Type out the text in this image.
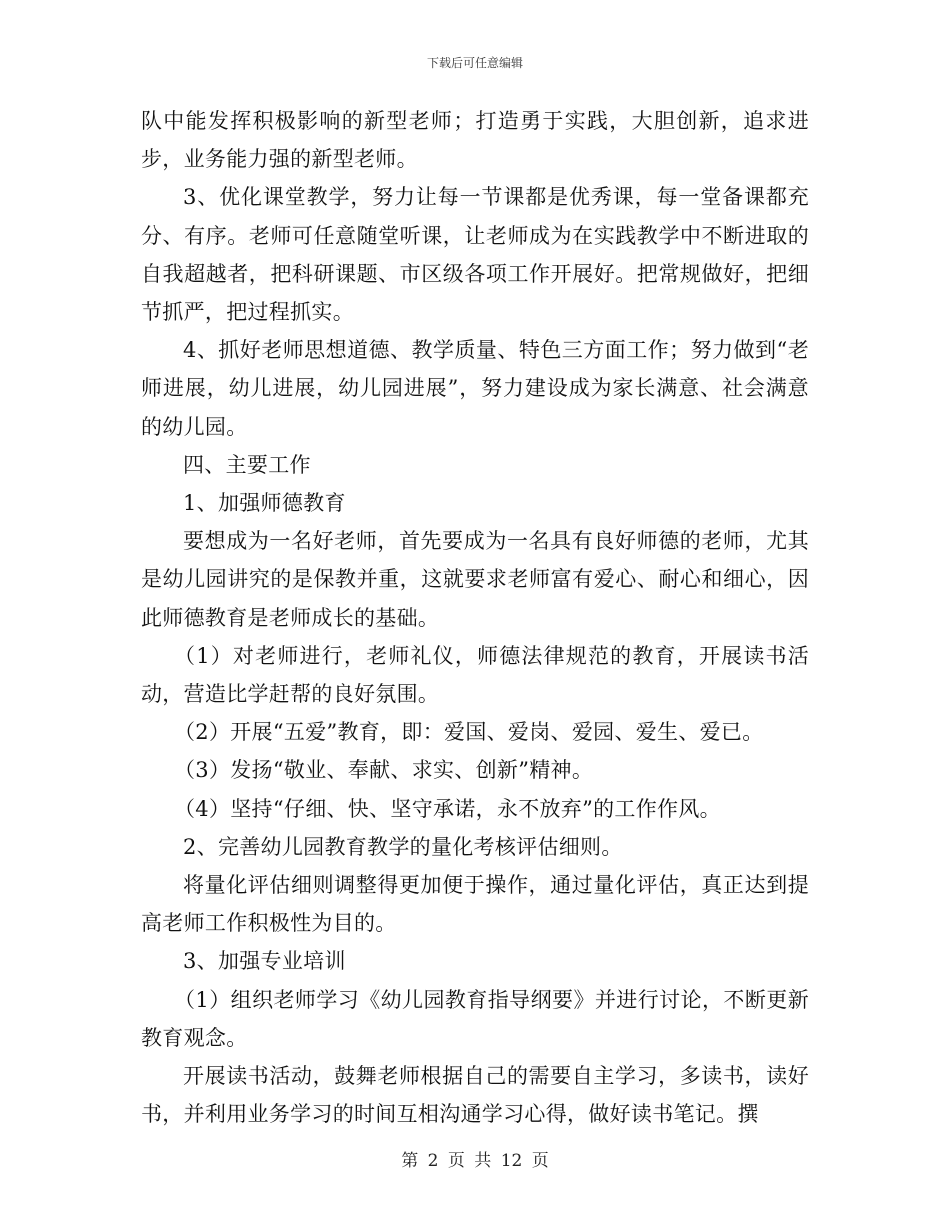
下载后可任意编辑

队中能发挥积极影响的新型老师；打造勇于实践，大胆创新，追求进步，业务能力强的新型老师。

3、优化课堂教学，努力让每一节课都是优秀课，每一堂备课都充分、有序。老师可任意随堂听课，让老师成为在实践教学中不断进取的自我超越者，把科研课题、市区级各项工作开展好。把常规做好，把细节抓严，把过程抓实。

4、抓好老师思想道德、教学质量、特色三方面工作；努力做到“老师进展，幼儿进展，幼儿园进展”，努力建设成为家长满意、社会满意的幼儿园。

四、主要工作

1、加强师德教育

要想成为一名好老师，首先要成为一名具有良好师德的老师，尤其是幼儿园讲究的是保教并重，这就要求老师富有爱心、耐心和细心，因此师德教育是老师成长的基础。

（1）对老师进行，老师礼仪，师德法律规范的教育，开展读书活动，营造比学赶帮的良好氛围。

（2）开展“五爱”教育，即：爱国、爱岗、爱园、爱生、爱已。

（3）发扬“敬业、奉献、求实、创新”精神。

（4）坚持“仔细、快、坚守承诺，永不放弃”的工作作风。

2、完善幼儿园教育教学的量化考核评估细则。

将量化评估细则调整得更加便于操作，通过量化评估，真正达到提高老师工作积极性为目的。

3、加强专业培训

（1）组织老师学习《幼儿园教育指导纲要》并进行讨论，不断更新教育观念。

开展读书活动，鼓舞老师根据自己的需要自主学习，多读书，读好书，并利用业务学习的时间互相沟通学习心得，做好读书笔记。撰

第 2 页 共 12 页
